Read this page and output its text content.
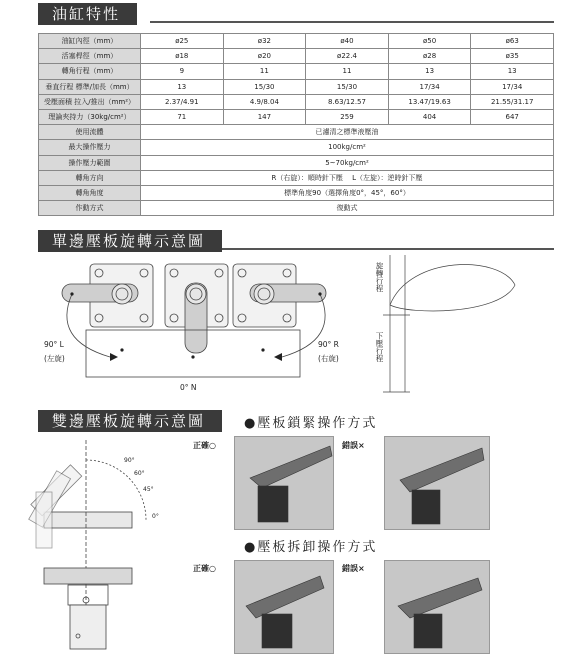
油缸特性
油缸內徑（mm）	ø25	ø32	ø40	ø50	ø63
活塞桿徑（mm）	ø18	ø20	ø22.4	ø28	ø35
轉角行程（mm）	9	11	11	13	13
垂直行程 標準/加長（mm）	13	15/30	15/30	17/34	17/34
受壓面積 拉入/推出（mm²）	2.37/4.91	4.9/8.04	8.63/12.57	13.47/19.63	21.55/31.17
理論夾持力（30kg/cm²）	71	147	259	404	647
使用流體	已濾清之標準液壓油				
最大操作壓力	100kg/cm²				
操作壓力範圍	5~70kg/cm²				
轉角方向	R（右旋）：順時針下壓　 L（左旋）：逆時針下壓				
轉角角度	標準角度90（選擇角度0°，45°，60°）				
作動方式	復動式				
單邊壓板旋轉示意圖
90° L
(左旋)
90° R
(右旋)
0° N
旋轉行程
下壓行程
雙邊壓板旋轉示意圖
90°
60°
45°
0°
●壓板鎖緊操作方式
●壓板拆卸操作方式
正確○	錯誤×
正確○	錯誤×
